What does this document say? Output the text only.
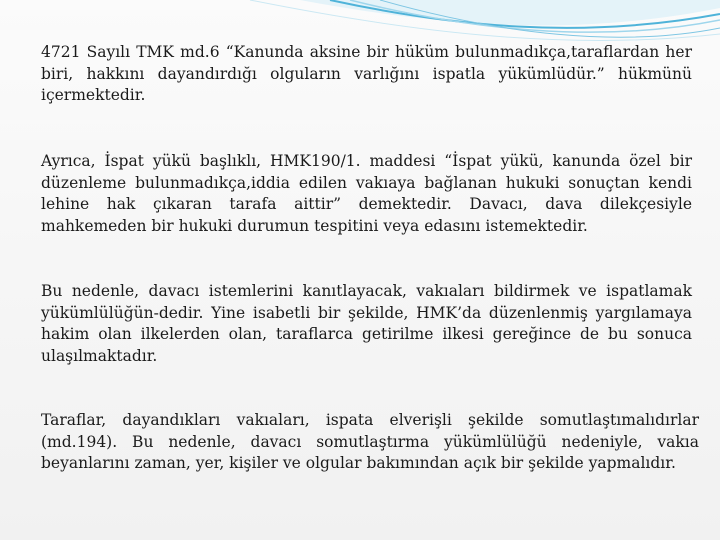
4721 Sayılı TMK md.6 “Kanunda aksine bir hüküm bulunmadıkça,taraflardan her biri, hakkını dayandırdığı olguların varlığını ispatla yükümlüdür.” hükmünü içermektedir.

Ayrıca, İspat yükü başlıklı, HMK190/1. maddesi “İspat yükü, kanunda özel bir düzenleme bulunmadıkça,iddia edilen vakıaya bağlanan hukuki sonuçtan kendi lehine hak çıkaran tarafa aittir” demektedir. Davacı, dava dilekçesiyle mahkemeden bir hukuki durumun tespitini veya edasını istemektedir.

Bu nedenle, davacı istemlerini kanıtlayacak, vakıaları bildirmek ve ispatlamak yükümlülüğün-dedir. Yine isabetli bir şekilde, HMK’da düzenlenmiş yargılamaya hakim olan ilkelerden olan, taraflarca getirilme ilkesi gereğince de bu sonuca ulaşılmaktadır.

Taraflar, dayandıkları vakıaları, ispata elverişli şekilde somutlaştımalıdırlar (md.194). Bu nedenle, davacı somutlaştırma yükümlülüğü nedeniyle, vakıa beyanlarını zaman, yer, kişiler ve olgular bakımından açık bir şekilde yapmalıdır.
